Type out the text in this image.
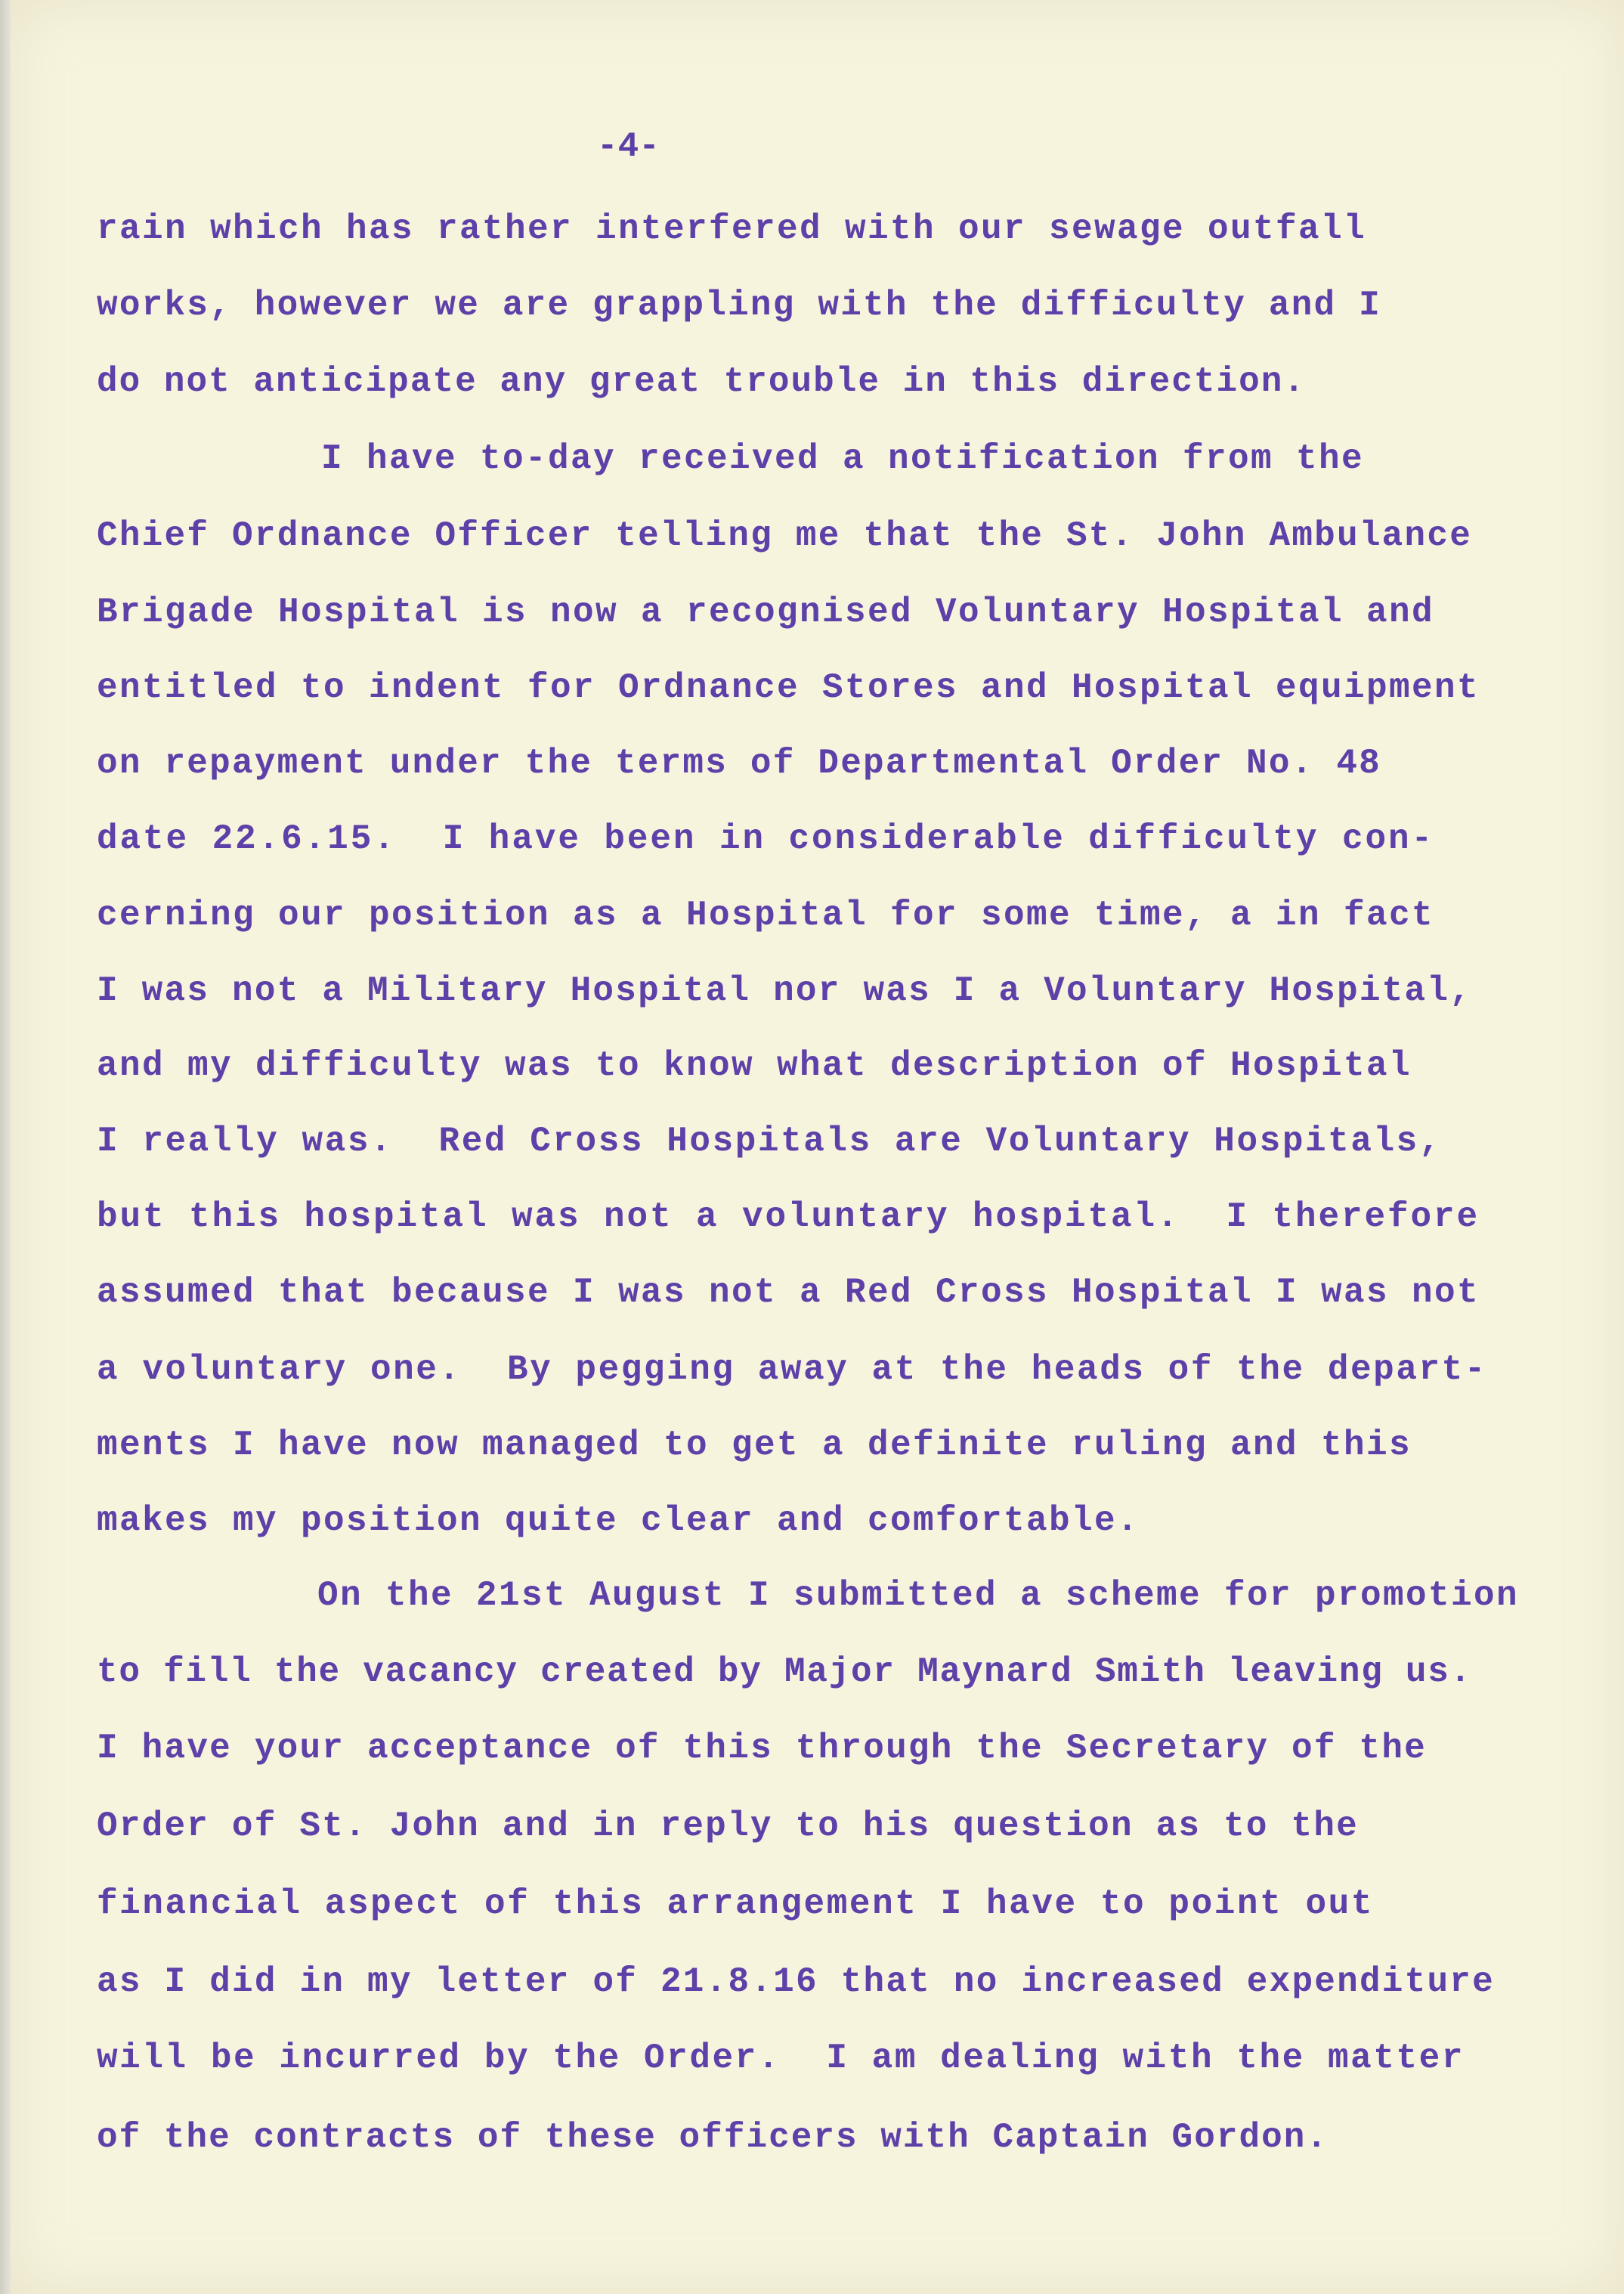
-4-
rain which has rather interfered with our sewage outfall
works, however we are grappling with the difficulty and I
do not anticipate any great trouble in this direction.
I have to-day received a notification from the
Chief Ordnance Officer telling me that the St. John Ambulance
Brigade Hospital is now a recognised Voluntary Hospital and
entitled to indent for Ordnance Stores and Hospital equipment
on repayment under the terms of Departmental Order No. 48
date 22.6.15.  I have been in considerable difficulty con-
cerning our position as a Hospital for some time, a in fact
I was not a Military Hospital nor was I a Voluntary Hospital,
and my difficulty was to know what description of Hospital
I really was.  Red Cross Hospitals are Voluntary Hospitals,
but this hospital was not a voluntary hospital.  I therefore
assumed that because I was not a Red Cross Hospital I was not
a voluntary one.  By pegging away at the heads of the depart-
ments I have now managed to get a definite ruling and this
makes my position quite clear and comfortable.
On the 21st August I submitted a scheme for promotion
to fill the vacancy created by Major Maynard Smith leaving us.
I have your acceptance of this through the Secretary of the
Order of St. John and in reply to his question as to the
financial aspect of this arrangement I have to point out
as I did in my letter of 21.8.16 that no increased expenditure
will be incurred by the Order.  I am dealing with the matter
of the contracts of these officers with Captain Gordon.
